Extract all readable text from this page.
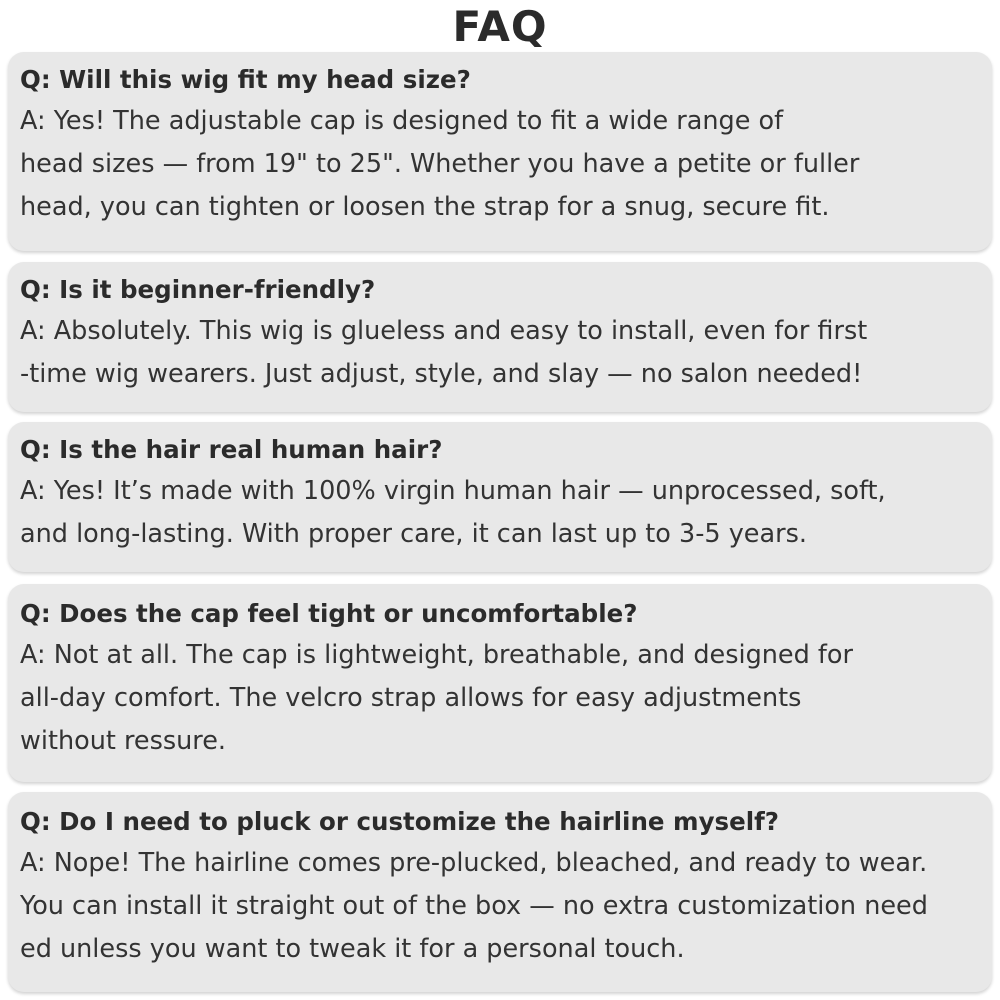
FAQ
Q: Will this wig fit my head size?
A: Yes! The adjustable cap is designed to fit a wide range of
head sizes — from 19" to 25". Whether you have a petite or fuller
head, you can tighten or loosen the strap for a snug, secure fit.
Q: Is it beginner-friendly?
A: Absolutely. This wig is glueless and easy to install, even for first
-time wig wearers. Just adjust, style, and slay — no salon needed!
Q: Is the hair real human hair?
A: Yes! It’s made with 100% virgin human hair — unprocessed, soft,
and long-lasting. With proper care, it can last up to 3-5 years.
Q: Does the cap feel tight or uncomfortable?
A: Not at all. The cap is lightweight, breathable, and designed for
all-day comfort. The velcro strap allows for easy adjustments
without ressure.
Q: Do I need to pluck or customize the hairline myself?
A: Nope! The hairline comes pre-plucked, bleached, and ready to wear.
You can install it straight out of the box — no extra customization need
ed unless you want to tweak it for a personal touch.
